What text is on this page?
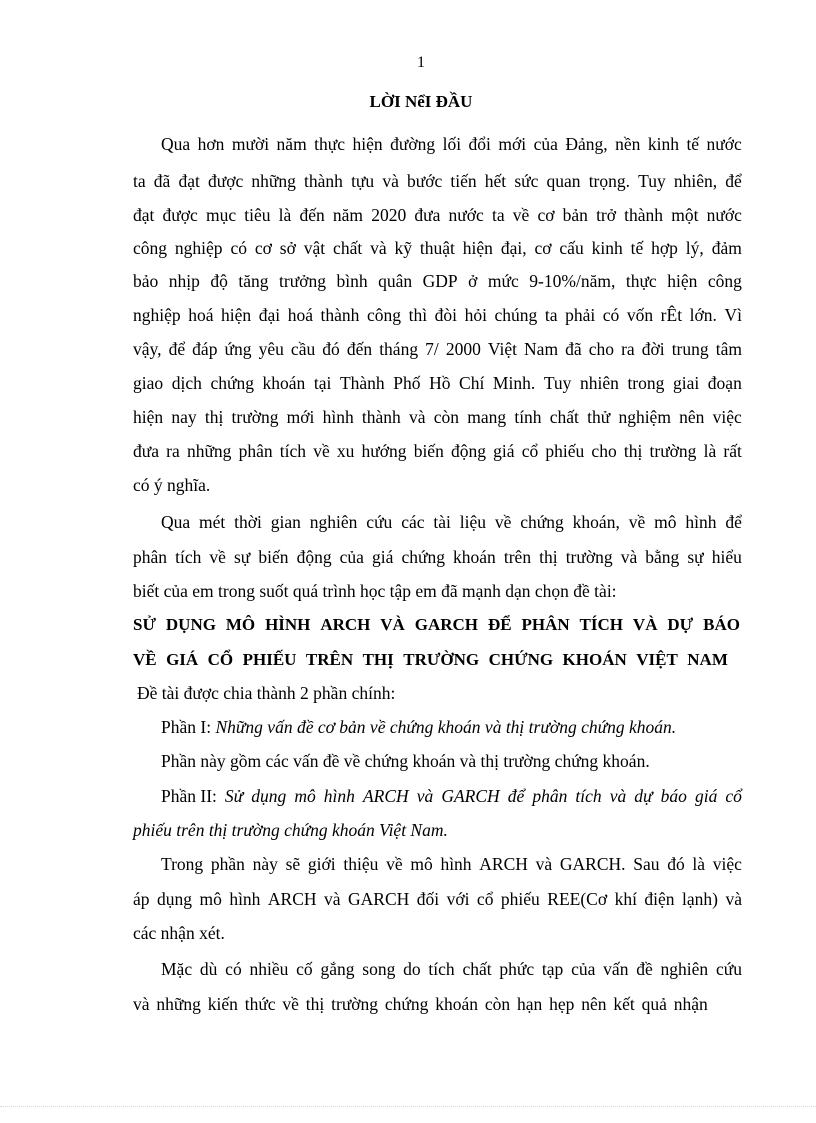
1
LỜI NểI ĐẦU
Qua hơn mười năm thực hiện đường lối đổi mới của Đảng, nền kinh tế nước
ta đã đạt được những thành tựu và bước tiến hết sức quan trọng. Tuy nhiên, để
đạt được mục tiêu là đến năm 2020 đưa nước ta về cơ bản trở thành một nước
công nghiệp có cơ sở vật chất và kỹ thuật hiện đại, cơ cấu kinh tế hợp lý, đảm
bảo nhịp độ tăng trưởng bình quân GDP ở mức 9-10%/năm, thực hiện công
nghiệp hoá hiện đại hoá thành công thì đòi hỏi chúng ta phải có vốn rÊt lớn. Vì
vậy, để đáp ứng yêu cầu đó đến tháng 7/ 2000 Việt Nam đã cho ra đời trung tâm
giao dịch chứng khoán tại Thành Phố Hồ Chí Minh. Tuy nhiên trong giai đoạn
hiện nay thị trường mới hình thành và còn mang tính chất thử nghiệm nên việc
đưa ra những phân tích về xu hướng biến động giá cổ phiếu cho thị trường là rất
có ý nghĩa.
Qua mét thời gian nghiên cứu các tài liệu về chứng khoán, về mô hình để
phân tích về sự biến động của giá chứng khoán trên thị trường và bằng sự hiểu
biết của em trong suốt quá trình học tập em đã mạnh dạn chọn đề tài:
SỬ DỤNG MÔ HÌNH ARCH VÀ GARCH ĐỂ PHÂN TÍCH VÀ DỰ BÁO
VỀ GIÁ CỔ PHIẾU TRÊN THỊ TRƯỜNG CHỨNG KHOÁN VIỆT NAM
Đề tài được chia thành 2 phần chính:
Phần I: Những vấn đề cơ bản về chứng khoán và thị trường chứng khoán.
Phần này gồm các vấn đề về chứng khoán và thị trường chứng khoán.
Phần II: Sử dụng mô hình ARCH và GARCH để phân tích và dự báo giá cổ
phiếu trên thị trường chứng khoán Việt Nam.
Trong phần này sẽ giới thiệu về mô hình ARCH và GARCH. Sau đó là việc
áp dụng mô hình ARCH và GARCH đối với cổ phiếu REE(Cơ khí điện lạnh) và
các nhận xét.
Mặc dù có nhiều cố gắng song do tích chất phức tạp của vấn đề nghiên cứu
và những kiến thức về thị trường chứng khoán còn hạn hẹp nên kết quả nhận
